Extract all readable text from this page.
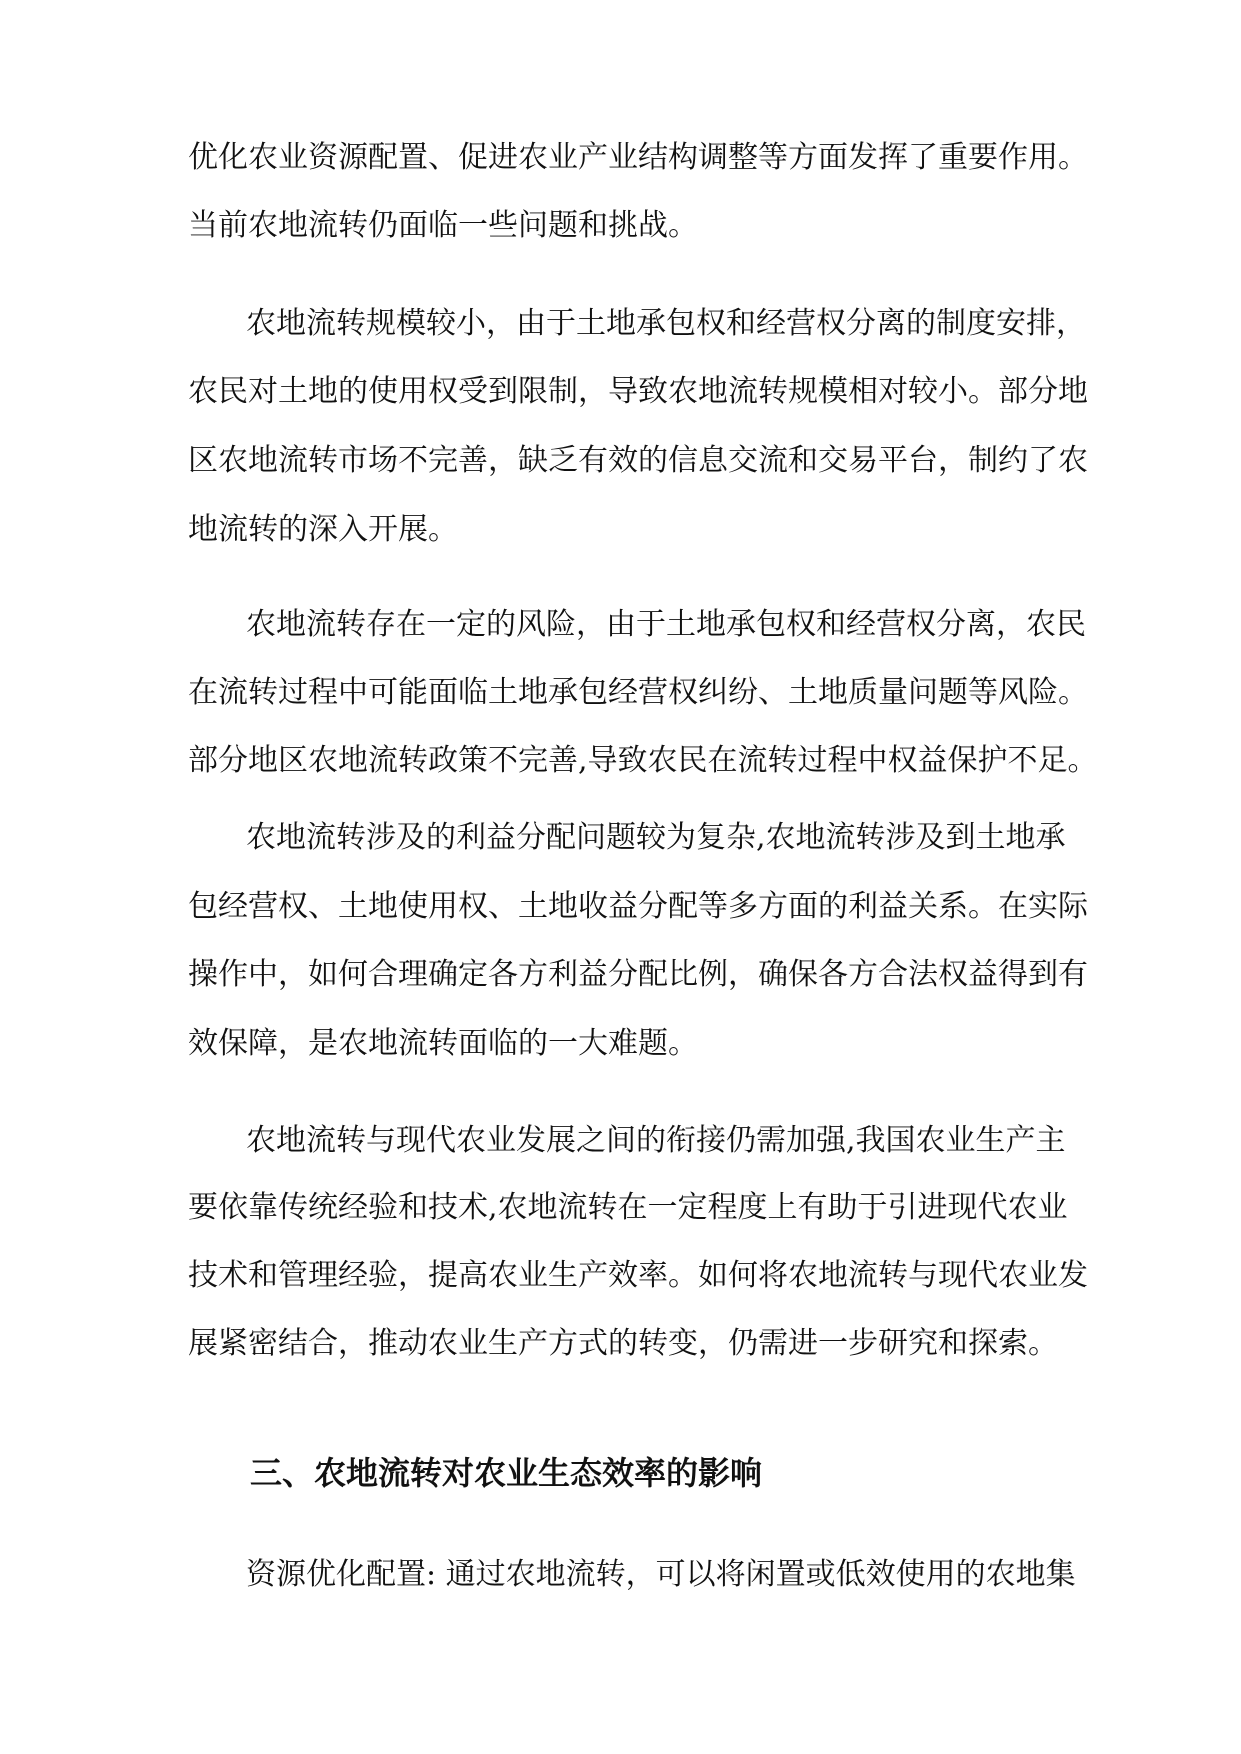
优化农业资源配置、促进农业产业结构调整等方面发挥了重要作用。
当前农地流转仍面临一些问题和挑战。
农地流转规模较小，由于土地承包权和经营权分离的制度安排，
农民对土地的使用权受到限制，导致农地流转规模相对较小。部分地
区农地流转市场不完善，缺乏有效的信息交流和交易平台，制约了农
地流转的深入开展。
农地流转存在一定的风险，由于土地承包权和经营权分离，农民
在流转过程中可能面临土地承包经营权纠纷、土地质量问题等风险。
部分地区农地流转政策不完善,导致农民在流转过程中权益保护不足。
农地流转涉及的利益分配问题较为复杂,农地流转涉及到土地承
包经营权、土地使用权、土地收益分配等多方面的利益关系。在实际
操作中，如何合理确定各方利益分配比例，确保各方合法权益得到有
效保障，是农地流转面临的一大难题。
农地流转与现代农业发展之间的衔接仍需加强,我国农业生产主
要依靠传统经验和技术,农地流转在一定程度上有助于引进现代农业
技术和管理经验，提高农业生产效率。如何将农地流转与现代农业发
展紧密结合，推动农业生产方式的转变，仍需进一步研究和探索。
三、农地流转对农业生态效率的影响
资源优化配置: 通过农地流转，可以将闲置或低效使用的农地集
